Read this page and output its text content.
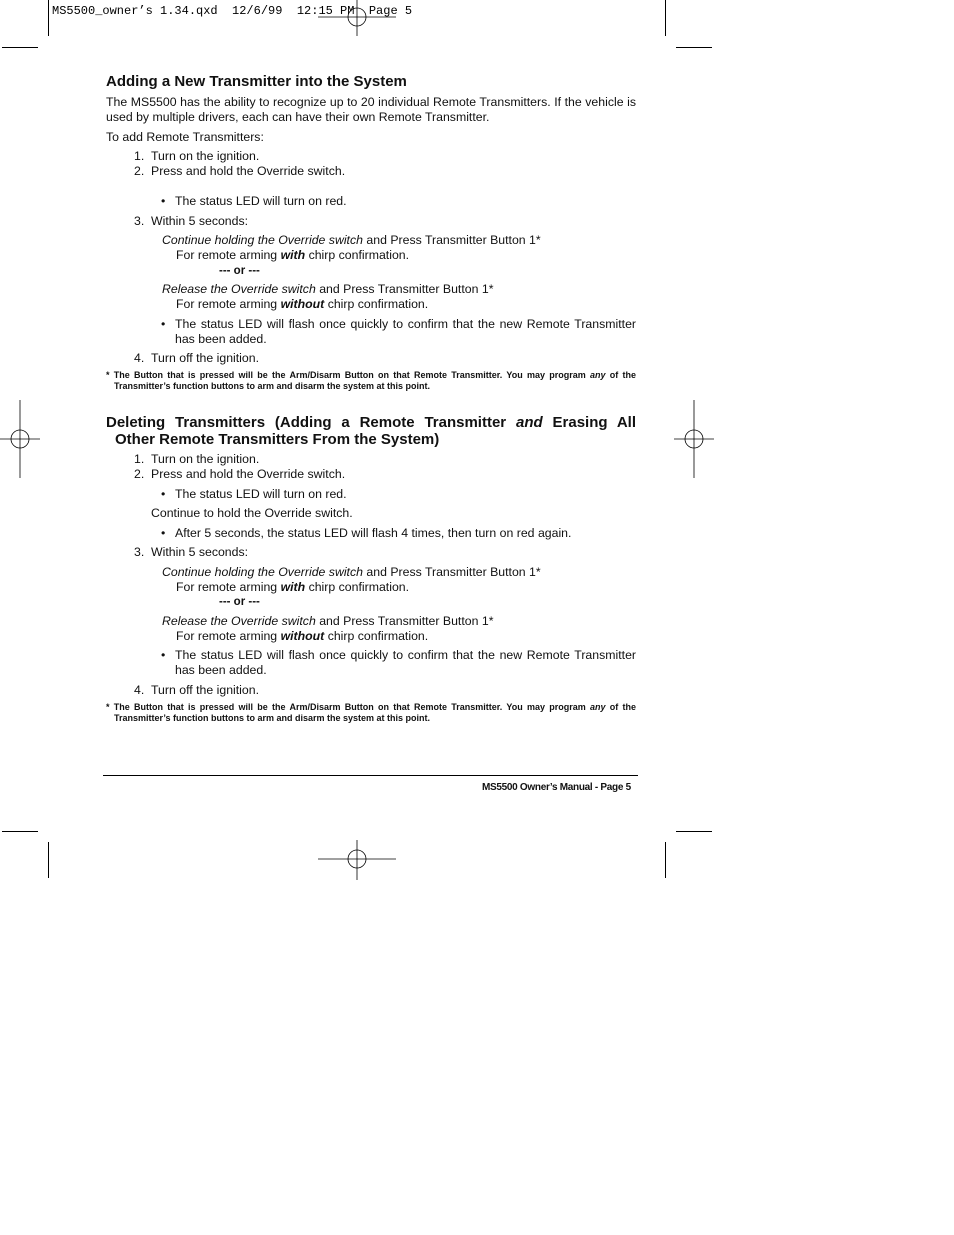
MS5500_owner’s 1.34.qxd  12/6/99  12:15 PM  Page 5
Adding a New Transmitter into the System

The MS5500 has the ability to recognize up to 20 individual Remote Transmitters. If the vehicle is used by multiple drivers, each can have their own Remote Transmitter.

To add Remote Transmitters:

1. Turn on the ignition.
2. Press and hold the Override switch.
• The status LED will turn on red.
3. Within 5 seconds:

Continue holding the Override switch and Press Transmitter Button 1*

For remote arming with chirp confirmation.

--- or ---

Release the Override switch and Press Transmitter Button 1*

For remote arming without chirp confirmation.

• The status LED will flash once quickly to confirm that the new Remote Transmitter
has been added.
4. Turn off the ignition.
* The Button that is pressed will be the Arm/Disarm Button on that Remote Transmitter. You may program any of the
Transmitter’s function buttons to arm and disarm the system at this point.
Deleting Transmitters (Adding a Remote Transmitter and Erasing All
Other Remote Transmitters From the System)
1. Turn on the ignition.
2. Press and hold the Override switch.
• The status LED will turn on red.

Continue to hold the Override switch.

• After 5 seconds, the status LED will flash 4 times, then turn on red again.
3. Within 5 seconds:

Continue holding the Override switch and Press Transmitter Button 1*

For remote arming with chirp confirmation.

--- or ---

Release the Override switch and Press Transmitter Button 1*

For remote arming without chirp confirmation.

• The status LED will flash once quickly to confirm that the new Remote Transmitter
has been added.
4. Turn off the ignition.
* The Button that is pressed will be the Arm/Disarm Button on that Remote Transmitter. You may program any of the
Transmitter’s function buttons to arm and disarm the system at this point.
MS5500 Owner’s Manual - Page 5
